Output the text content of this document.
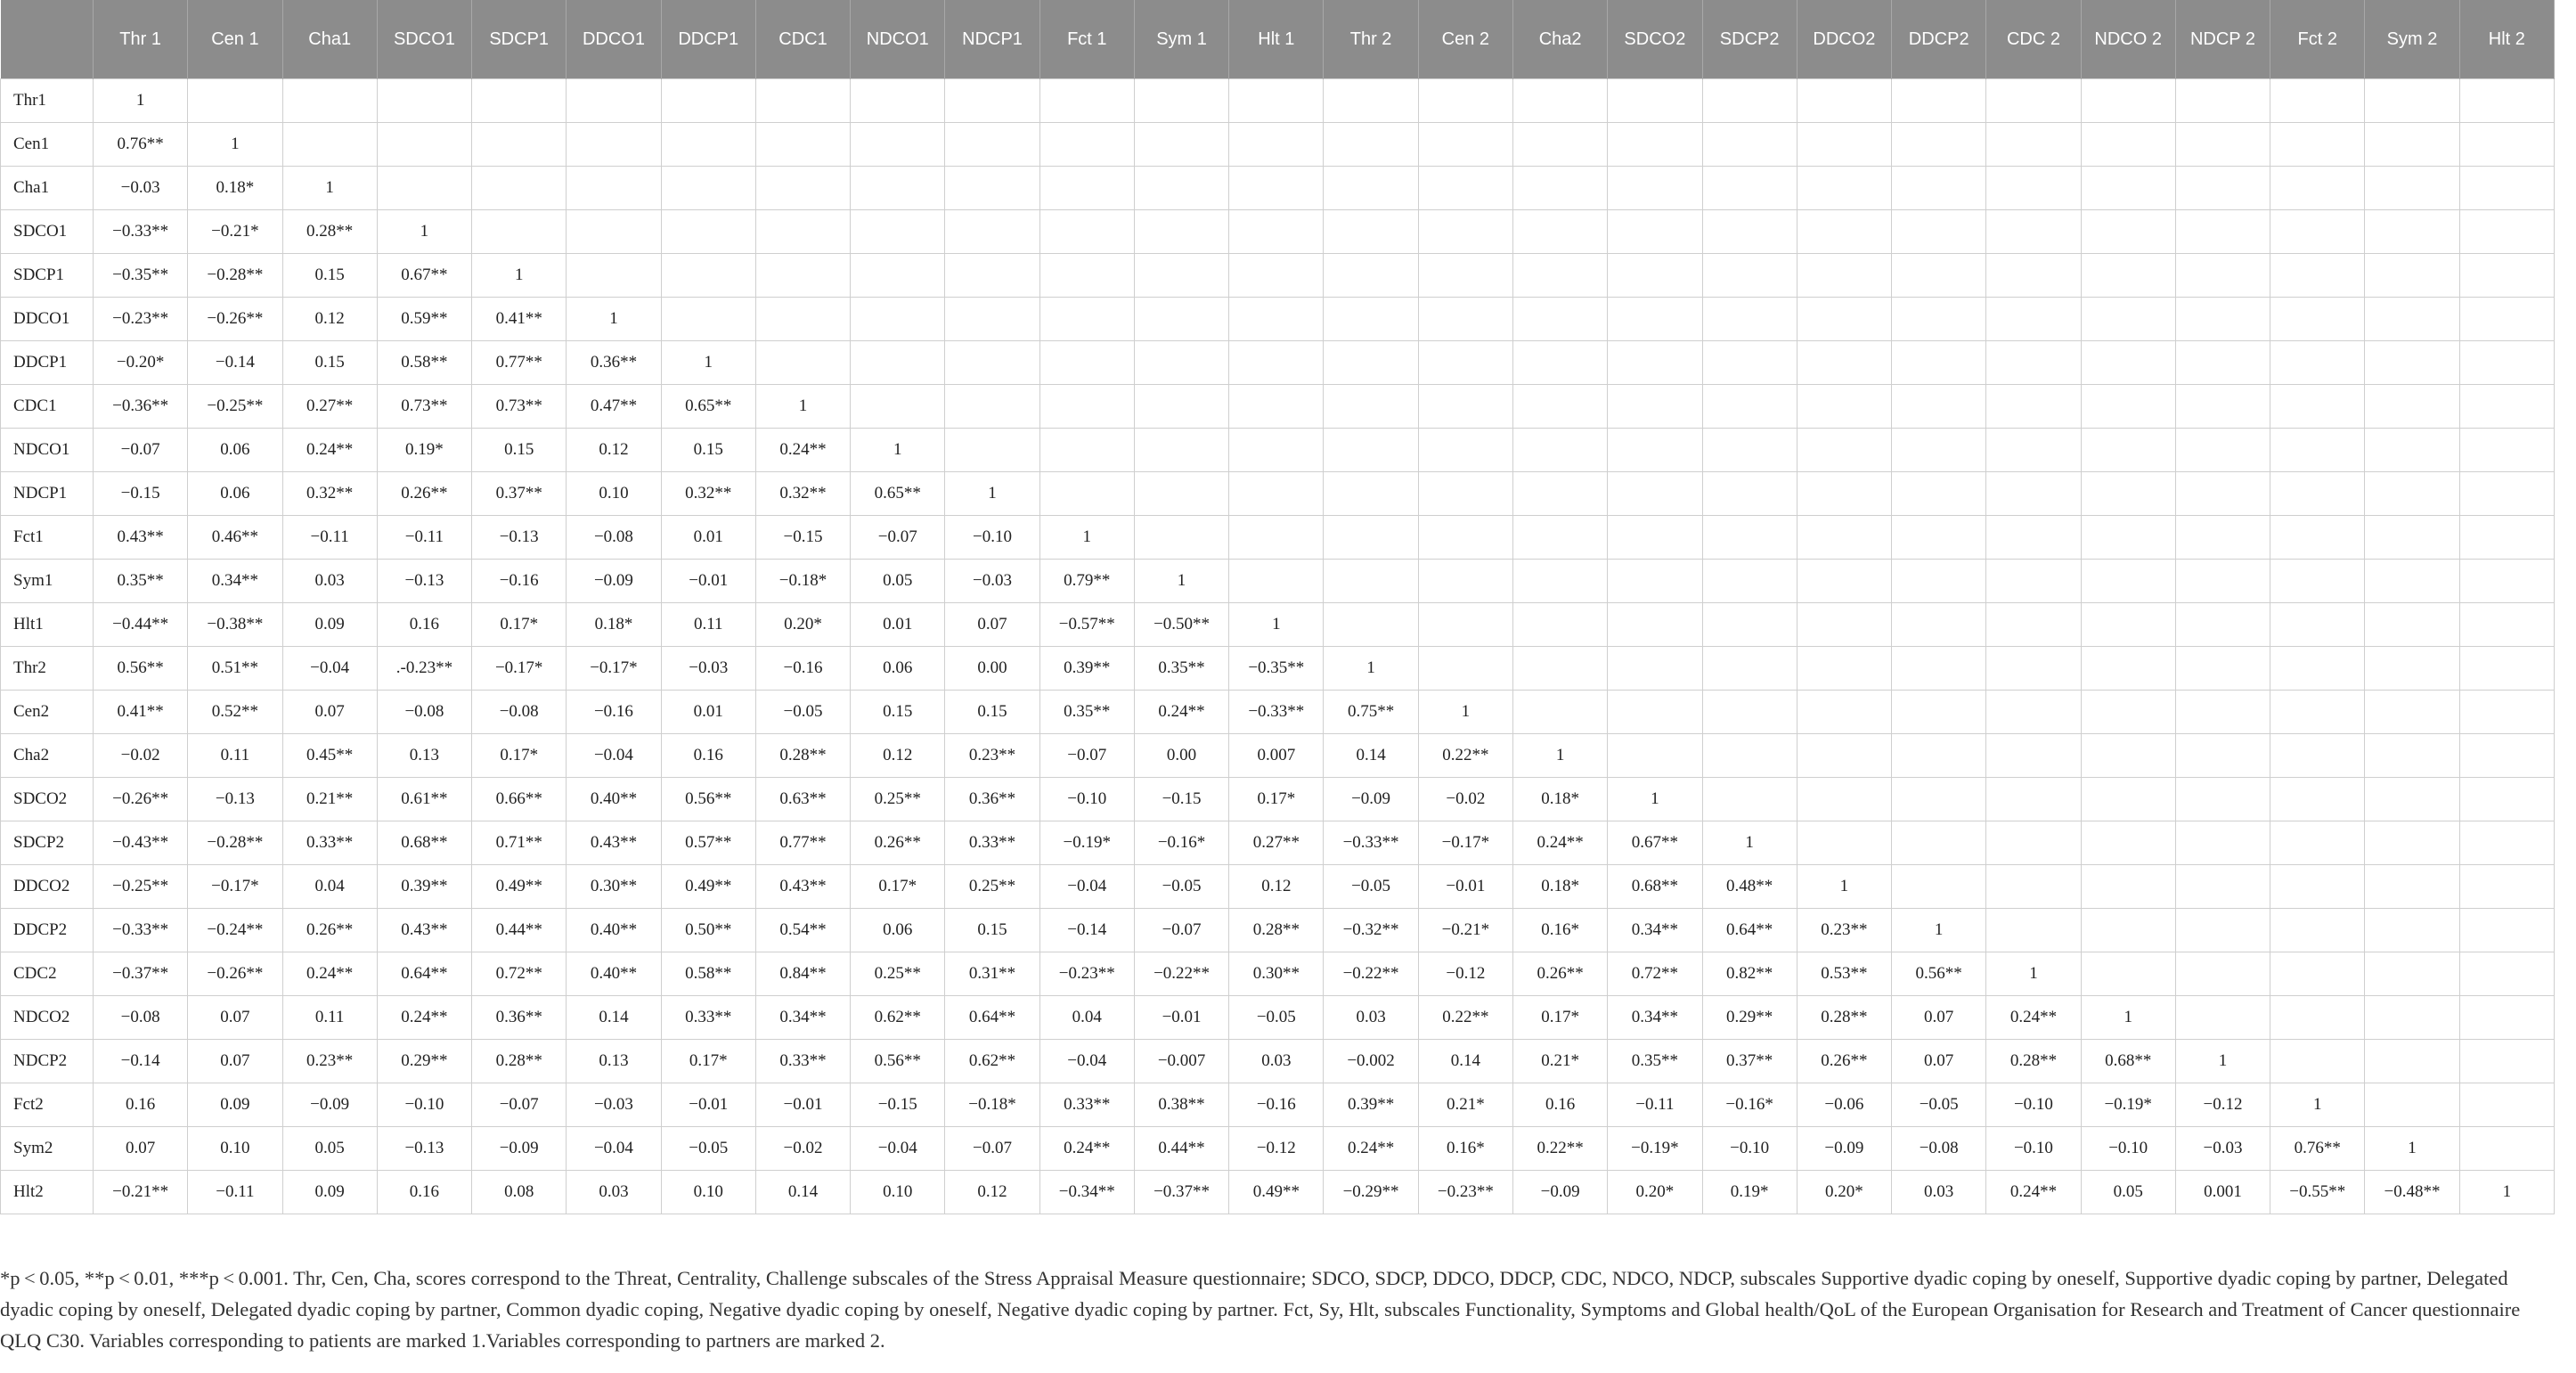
	Thr 1	Cen 1	Cha1	SDCO1	SDCP1	DDCO1	DDCP1	CDC1	NDCO1	NDCP1	Fct 1	Sym 1	Hlt 1	Thr 2	Cen 2	Cha2	SDCO2	SDCP2	DDCO2	DDCP2	CDC 2	NDCO 2	NDCP 2	Fct 2	Sym 2	Hlt 2
Thr1	1																									
Cen1	0.76**	1																								
Cha1	−0.03	0.18*	1																							
SDCO1	−0.33**	−0.21*	0.28**	1																						
SDCP1	−0.35**	−0.28**	0.15	0.67**	1																					
DDCO1	−0.23**	−0.26**	0.12	0.59**	0.41**	1																				
DDCP1	−0.20*	−0.14	0.15	0.58**	0.77**	0.36**	1																			
CDC1	−0.36**	−0.25**	0.27**	0.73**	0.73**	0.47**	0.65**	1																		
NDCO1	−0.07	0.06	0.24**	0.19*	0.15	0.12	0.15	0.24**	1																	
NDCP1	−0.15	0.06	0.32**	0.26**	0.37**	0.10	0.32**	0.32**	0.65**	1																
Fct1	0.43**	0.46**	−0.11	−0.11	−0.13	−0.08	0.01	−0.15	−0.07	−0.10	1															
Sym1	0.35**	0.34**	0.03	−0.13	−0.16	−0.09	−0.01	−0.18*	0.05	−0.03	0.79**	1														
Hlt1	−0.44**	−0.38**	0.09	0.16	0.17*	0.18*	0.11	0.20*	0.01	0.07	−0.57**	−0.50**	1													
Thr2	0.56**	0.51**	−0.04	.-0.23**	−0.17*	−0.17*	−0.03	−0.16	0.06	0.00	0.39**	0.35**	−0.35**	1												
Cen2	0.41**	0.52**	0.07	−0.08	−0.08	−0.16	0.01	−0.05	0.15	0.15	0.35**	0.24**	−0.33**	0.75**	1											
Cha2	−0.02	0.11	0.45**	0.13	0.17*	−0.04	0.16	0.28**	0.12	0.23**	−0.07	0.00	0.007	0.14	0.22**	1										
SDCO2	−0.26**	−0.13	0.21**	0.61**	0.66**	0.40**	0.56**	0.63**	0.25**	0.36**	−0.10	−0.15	0.17*	−0.09	−0.02	0.18*	1									
SDCP2	−0.43**	−0.28**	0.33**	0.68**	0.71**	0.43**	0.57**	0.77**	0.26**	0.33**	−0.19*	−0.16*	0.27**	−0.33**	−0.17*	0.24**	0.67**	1								
DDCO2	−0.25**	−0.17*	0.04	0.39**	0.49**	0.30**	0.49**	0.43**	0.17*	0.25**	−0.04	−0.05	0.12	−0.05	−0.01	0.18*	0.68**	0.48**	1							
DDCP2	−0.33**	−0.24**	0.26**	0.43**	0.44**	0.40**	0.50**	0.54**	0.06	0.15	−0.14	−0.07	0.28**	−0.32**	−0.21*	0.16*	0.34**	0.64**	0.23**	1						
CDC2	−0.37**	−0.26**	0.24**	0.64**	0.72**	0.40**	0.58**	0.84**	0.25**	0.31**	−0.23**	−0.22**	0.30**	−0.22**	−0.12	0.26**	0.72**	0.82**	0.53**	0.56**	1					
NDCO2	−0.08	0.07	0.11	0.24**	0.36**	0.14	0.33**	0.34**	0.62**	0.64**	0.04	−0.01	−0.05	0.03	0.22**	0.17*	0.34**	0.29**	0.28**	0.07	0.24**	1				
NDCP2	−0.14	0.07	0.23**	0.29**	0.28**	0.13	0.17*	0.33**	0.56**	0.62**	−0.04	−0.007	0.03	−0.002	0.14	0.21*	0.35**	0.37**	0.26**	0.07	0.28**	0.68**	1			
Fct2	0.16	0.09	−0.09	−0.10	−0.07	−0.03	−0.01	−0.01	−0.15	−0.18*	0.33**	0.38**	−0.16	0.39**	0.21*	0.16	−0.11	−0.16*	−0.06	−0.05	−0.10	−0.19*	−0.12	1		
Sym2	0.07	0.10	0.05	−0.13	−0.09	−0.04	−0.05	−0.02	−0.04	−0.07	0.24**	0.44**	−0.12	0.24**	0.16*	0.22**	−0.19*	−0.10	−0.09	−0.08	−0.10	−0.10	−0.03	0.76**	1	
Hlt2	−0.21**	−0.11	0.09	0.16	0.08	0.03	0.10	0.14	0.10	0.12	−0.34**	−0.37**	0.49**	−0.29**	−0.23**	−0.09	0.20*	0.19*	0.20*	0.03	0.24**	0.05	0.001	−0.55**	−0.48**	1

*p < 0.05, **p < 0.01, ***p < 0.001. Thr, Cen, Cha, scores correspond to the Threat, Centrality, Challenge subscales of the Stress Appraisal Measure questionnaire; SDCO, SDCP, DDCO, DDCP, CDC, NDCO, NDCP, subscales Supportive dyadic coping by oneself, Supportive dyadic coping by partner, Delegated dyadic coping by oneself, Delegated dyadic coping by partner, Common dyadic coping, Negative dyadic coping by oneself, Negative dyadic coping by partner. Fct, Sy, Hlt, subscales Functionality, Symptoms and Global health/QoL of the European Organisation for Research and Treatment of Cancer questionnaire QLQ C30. Variables corresponding to patients are marked 1.Variables corresponding to partners are marked 2.
